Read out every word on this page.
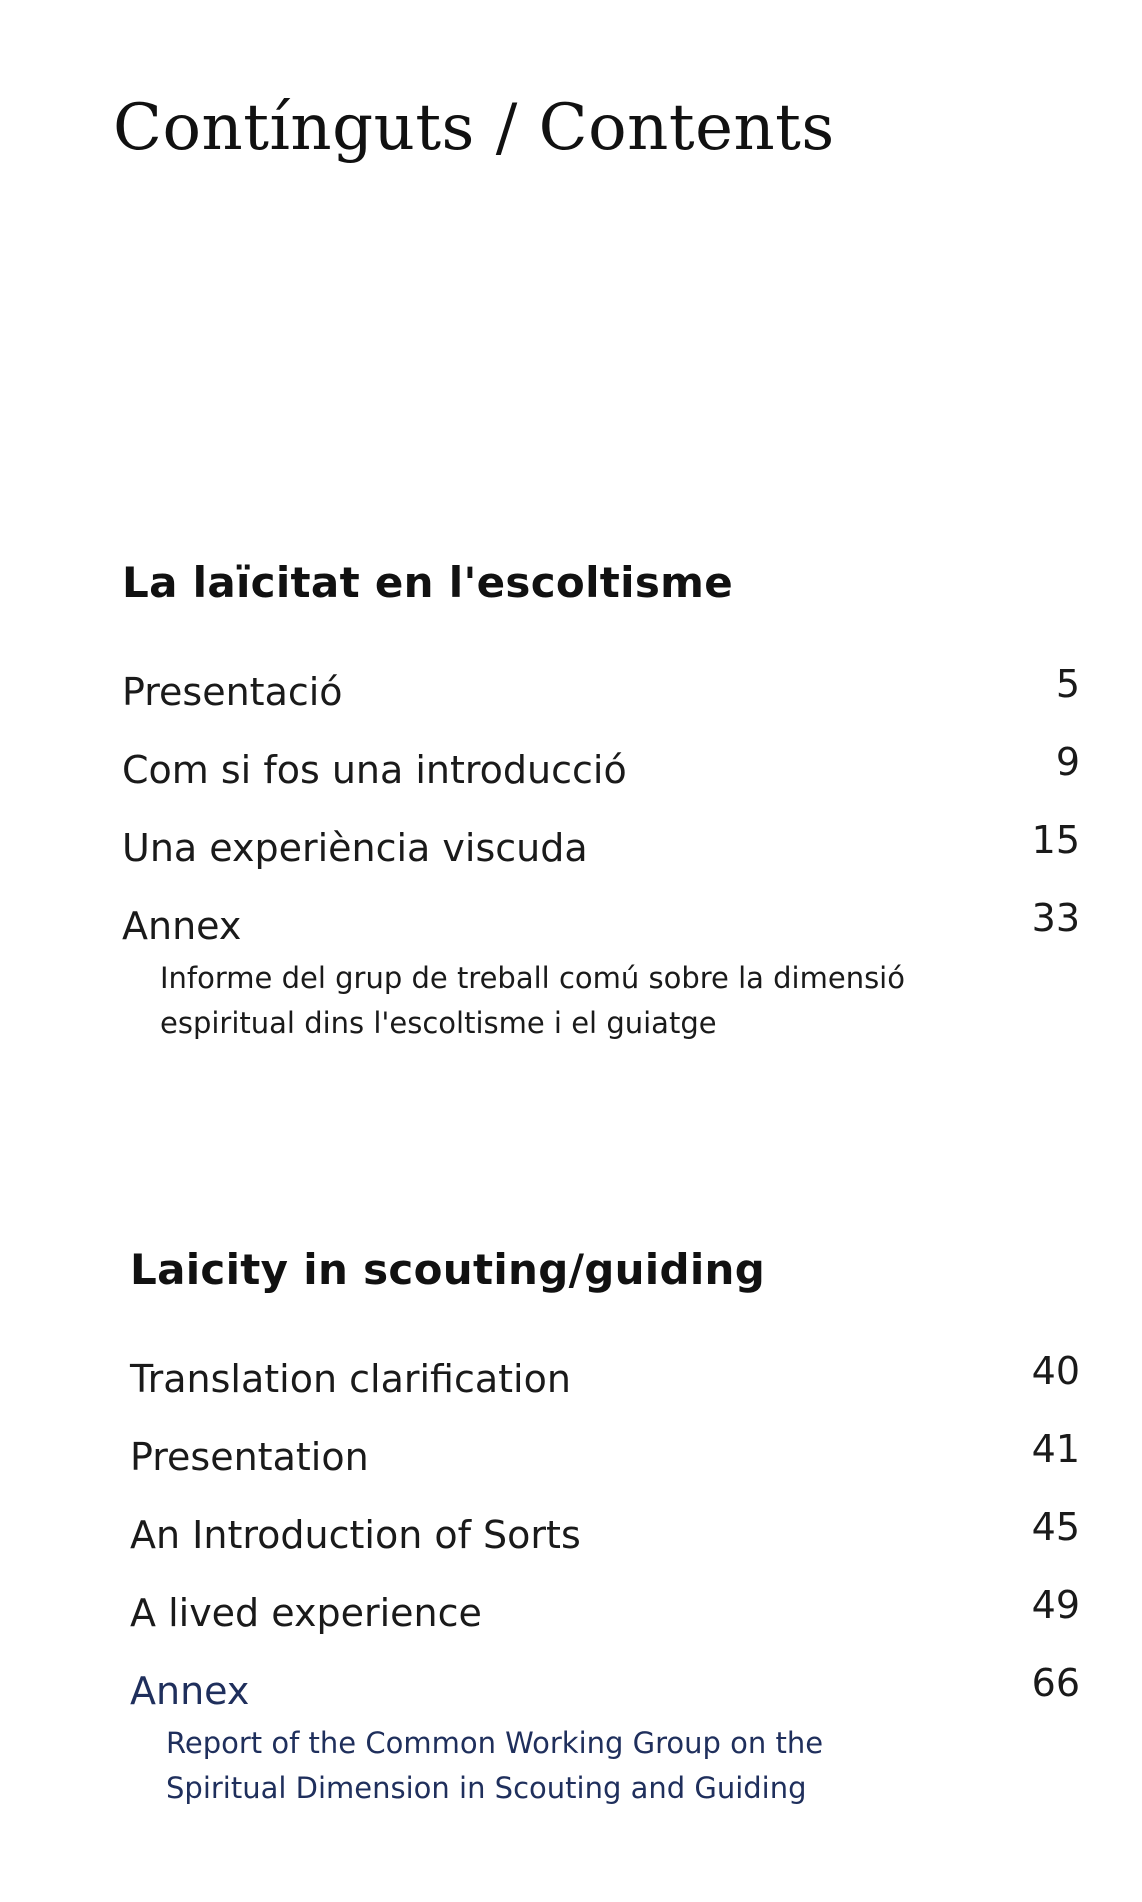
Contínguts / Contents
La laïcitat en l'escoltisme
Presentació	5
Com si fos una introducció	9
Una experiència viscuda	15
Annex	33
Informe del grup de treball comú sobre la dimensió
espiritual dins l'escoltisme i el guiatge
Laicity in scouting/guiding
Translation clarification	40
Presentation	41
An Introduction of Sorts	45
A lived experience	49
Annex	66
Report of the Common Working Group on the
Spiritual Dimension in Scouting and Guiding
